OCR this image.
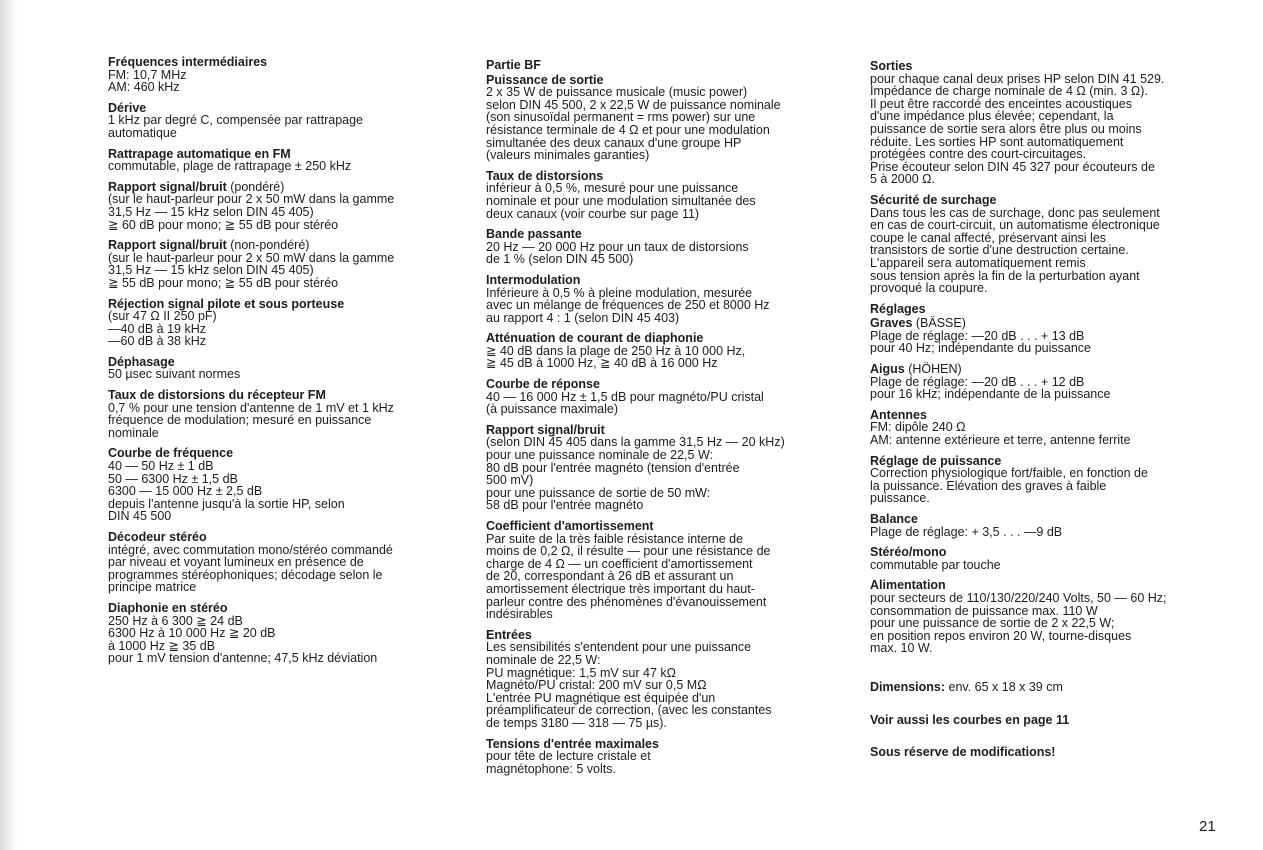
Fréquences intermédiaires
FM: 10,7 MHz
AM: 460 kHz
Dérive
1 kHz par degré C, compensée par rattrapage
automatique
Rattrapage automatique en FM
commutable, plage de rattrapage ± 250 kHz
Rapport signal/bruit (pondéré)
(sur le haut-parleur pour 2 x 50 mW dans la gamme
31,5 Hz — 15 kHz selon DIN 45 405)
≧ 60 dB pour mono; ≧ 55 dB pour stéréo
Rapport signal/bruit (non-pondéré)
(sur le haut-parleur pour 2 x 50 mW dans la gamme
31,5 Hz — 15 kHz selon DIN 45 405)
≧ 55 dB pour mono; ≧ 55 dB pour stéréo
Réjection signal pilote et sous porteuse
(sur 47 Ω II 250 pF)
—40 dB à 19 kHz
—60 dB à 38 kHz
Déphasage
50 µsec suivant normes
Taux de distorsions du récepteur FM
0,7 % pour une tension d'antenne de 1 mV et 1 kHz
fréquence de modulation; mesuré en puissance
nominale
Courbe de fréquence
40 — 50 Hz ± 1 dB
50 — 6300 Hz ± 1,5 dB
6300 — 15 000 Hz ± 2,5 dB
depuis l'antenne jusqu'à la sortie HP, selon
DIN 45 500
Décodeur stéréo
intégré, avec commutation mono/stéréo commandé
par niveau et voyant lumineux en présence de
programmes stéréophoniques; décodage selon le
principe matrice
Diaphonie en stéréo
250 Hz à 6 300 ≧ 24 dB
6300 Hz à 10 000 Hz ≧ 20 dB
à 1000 Hz ≧ 35 dB
pour 1 mV tension d'antenne; 47,5 kHz déviation
Partie BF
Puissance de sortie
2 x 35 W de puissance musicale (music power)
selon DIN 45 500, 2 x 22,5 W de puissance nominale
(son sinusoïdal permanent = rms power) sur une
résistance terminale de 4 Ω et pour une modulation
simultanée des deux canaux d'une groupe HP
(valeurs minimales garanties)
Taux de distorsions
inférieur à 0,5 %, mesuré pour une puissance
nominale et pour une modulation simultanée des
deux canaux (voir courbe sur page 11)
Bande passante
20 Hz — 20 000 Hz pour un taux de distorsions
de 1 % (selon DIN 45 500)
Intermodulation
Inférieure à 0,5 % à pleine modulation, mesurée
avec un mélange de fréquences de 250 et 8000 Hz
au rapport 4 : 1 (selon DIN 45 403)
Atténuation de courant de diaphonie
≧ 40 dB dans la plage de 250 Hz à 10 000 Hz,
≧ 45 dB à 1000 Hz, ≧ 40 dB à 16 000 Hz
Courbe de réponse
40 — 16 000 Hz ± 1,5 dB pour magnéto/PU cristal
(à puissance maximale)
Rapport signal/bruit
(selon DIN 45 405 dans la gamme 31,5 Hz — 20 kHz)
pour une puissance nominale de 22,5 W:
80 dB pour l'entrée magnéto (tension d'entrée
500 mV)
pour une puissance de sortie de 50 mW:
58 dB pour l'entrée magnéto
Coefficient d'amortissement
Par suite de la très faible résistance interne de
moins de 0,2 Ω, il résulte — pour une résistance de
charge de 4 Ω — un coefficient d'amortissement
de 20, correspondant à 26 dB et assurant un
amortissement électrique très important du haut-
parleur contre des phénomènes d'évanouissement
indésirables
Entrées
Les sensibilités s'entendent pour une puissance
nominale de 22,5 W:
PU magnétique: 1,5 mV sur 47 kΩ
Magnéto/PU cristal: 200 mV sur 0,5 MΩ
L'entrée PU magnétique est équipée d'un
préamplificateur de correction, (avec les constantes
de temps 3180 — 318 — 75 µs).
Tensions d'entrée maximales
pour tête de lecture cristale et
magnétophone: 5 volts.
Sorties
pour chaque canal deux prises HP selon DIN 41 529.
Impédance de charge nominale de 4 Ω (min. 3 Ω).
Il peut être raccordé des enceintes acoustiques
d'une impédance plus élevée; cependant, la
puissance de sortie sera alors être plus ou moins
réduite. Les sorties HP sont automatiquement
protégées contre des court-circuitages.
Prise écouteur selon DIN 45 327 pour écouteurs de
5 à 2000 Ω.
Sécurité de surchage
Dans tous les cas de surchage, donc pas seulement
en cas de court-circuit, un automatisme électronique
coupe le canal affecté, préservant ainsi les
transistors de sortie d'une destruction certaine.
L'appareil sera automatiquement remis
sous tension après la fin de la perturbation ayant
provoqué la coupure.
Réglages
Graves (BÄSSE)
Plage de réglage: —20 dB . . . + 13 dB
pour 40 Hz; indépendante du puissance
Aigus (HÖHEN)
Plage de réglage: —20 dB . . . + 12 dB
pour 16 kHz; indépendante de la puissance
Antennes
FM: dipôle 240 Ω
AM: antenne extérieure et terre, antenne ferrite
Réglage de puissance
Correction physiologique fort/faible, en fonction de
la puissance. Elévation des graves à faible
puissance.
Balance
Plage de réglage: + 3,5 . . . —9 dB
Stéréo/mono
commutable par touche
Alimentation
pour secteurs de 110/130/220/240 Volts, 50 — 60 Hz;
consommation de puissance max. 110 W
pour une puissance de sortie de 2 x 22,5 W;
en position repos environ 20 W, tourne-disques
max. 10 W.
Dimensions: env. 65 x 18 x 39 cm
Voir aussi les courbes en page 11
Sous réserve de modifications!
21
